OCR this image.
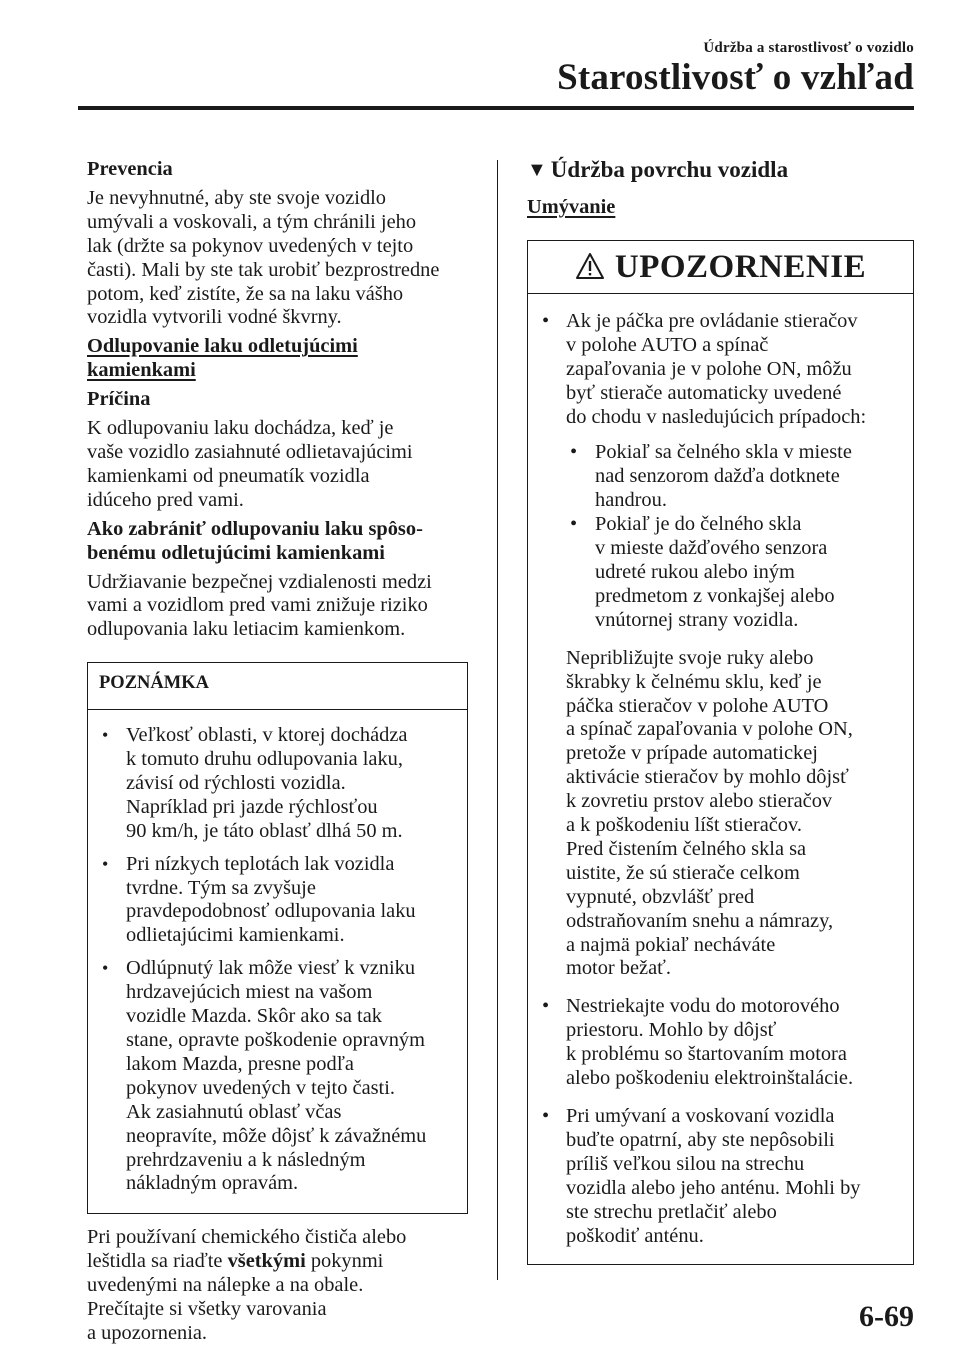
Údržba a starostlivosť o vozidlo
Starostlivosť o vzhľad
Prevencia
Je nevyhnutné, aby ste svoje vozidlo
umývali a voskovali, a tým chránili jeho
lak (držte sa pokynov uvedených v tejto
časti). Mali by ste tak urobiť bezprostredne
potom, keď zistíte, že sa na laku vášho
vozidla vytvorili vodné škvrny.
Odlupovanie laku odletujúcimi
kamienkami
Príčina
K odlupovaniu laku dochádza, keď je
vaše vozidlo zasiahnuté odlietavajúcimi
kamienkami od pneumatík vozidla
idúceho pred vami.
Ako zabrániť odlupovaniu laku spôso-
benému odletujúcimi kamienkami
Udržiavanie bezpečnej vzdialenosti medzi
vami a vozidlom pred vami znižuje riziko
odlupovania laku letiacim kamienkom.
POZNÁMKA
• Veľkosť oblasti, v ktorej dochádza
k tomuto druhu odlupovania laku,
závisí od rýchlosti vozidla.
Napríklad pri jazde rýchlosťou
90 km/h, je táto oblasť dlhá 50 m.
• Pri nízkych teplotách lak vozidla
tvrdne. Tým sa zvyšuje
pravdepodobnosť odlupovania laku
odlietajúcimi kamienkami.
• Odlúpnutý lak môže viesť k vzniku
hrdzavejúcich miest na vašom
vozidle Mazda. Skôr ako sa tak
stane, opravte poškodenie opravným
lakom Mazda, presne podľa
pokynov uvedených v tejto časti.
Ak zasiahnutú oblasť včas
neopravíte, môže dôjsť k závažnému
prehrdzaveniu a k následným
nákladným opravám.
Pri používaní chemického čističa alebo
leštidla sa riaďte všetkými pokynmi
uvedenými na nálepke a na obale.
Prečítajte si všetky varovania
a upozornenia.
▼ Údržba povrchu vozidla
Umývanie
UPOZORNENIE
• Ak je páčka pre ovládanie stieračov
v polohe AUTO a spínač
zapaľovania je v polohe ON, môžu
byť stierače automaticky uvedené
do chodu v nasledujúcich prípadoch:
• Pokiaľ sa čelného skla v mieste
nad senzorom dažďa dotknete
handrou.
• Pokiaľ je do čelného skla
v mieste dažďového senzora
udreté rukou alebo iným
predmetom z vonkajšej alebo
vnútornej strany vozidla.
Nepribližujte svoje ruky alebo
škrabky k čelnému sklu, keď je
páčka stieračov v polohe AUTO
a spínač zapaľovania v polohe ON,
pretože v prípade automatickej
aktivácie stieračov by mohlo dôjsť
k zovretiu prstov alebo stieračov
a k poškodeniu líšt stieračov.
Pred čistením čelného skla sa
uistite, že sú stierače celkom
vypnuté, obzvlášť pred
odstraňovaním snehu a námrazy,
a najmä pokiaľ necháváte
motor bežať.
• Nestriekajte vodu do motorového
priestoru. Mohlo by dôjsť
k problému so štartovaním motora
alebo poškodeniu elektroinštalácie.
• Pri umývaní a voskovaní vozidla
buďte opatrní, aby ste nepôsobili
príliš veľkou silou na strechu
vozidla alebo jeho anténu. Mohli by
ste strechu pretlačiť alebo
poškodiť anténu.
6-69
